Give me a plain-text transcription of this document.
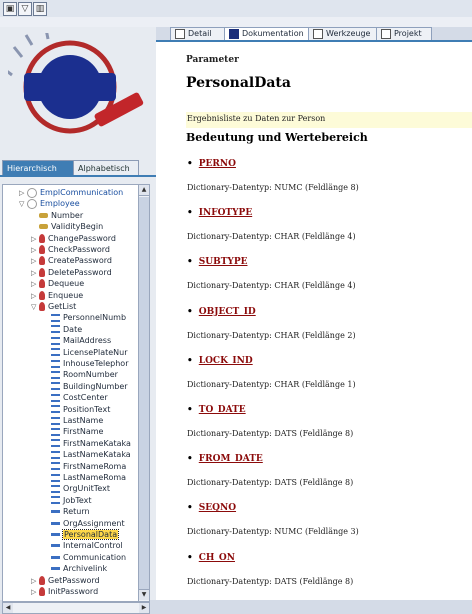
▣ ▽ ▥
Hierarchisch	Alphabetisch
▷ EmplCommunication
▽ Employee
Number
ValidityBegin
▷ ChangePassword
▷ CheckPassword
▷ CreatePassword
▷ DeletePassword
▷ Dequeue
▷ Enqueue
▽ GetList
PersonnelNumb
Date
MailAddress
LicensePlateNur
InhouseTelephor
RoomNumber
BuildingNumber
CostCenter
PositionText
LastName
FirstName
FirstNameKataka
LastNameKataka
FirstNameRoma
LastNameRoma
OrgUnitText
JobText
Return
OrgAssignment
PersonalData
InternalControl
Communication
Archivelink
▷ GetPassword
▷ InitPassword
▲
▼
◀	▶
Detail	Dokumentation	Werkzeuge	Projekt
Parameter
PersonalData
Ergebnisliste zu Daten zur Person
Bedeutung und Wertebereich
• PERNO
Dictionary-Datentyp: NUMC (Feldlänge 8)
• INFOTYPE
Dictionary-Datentyp: CHAR (Feldlänge 4)
• SUBTYPE
Dictionary-Datentyp: CHAR (Feldlänge 4)
• OBJECT_ID
Dictionary-Datentyp: CHAR (Feldlänge 2)
• LOCK_IND
Dictionary-Datentyp: CHAR (Feldlänge 1)
• TO_DATE
Dictionary-Datentyp: DATS (Feldlänge 8)
• FROM_DATE
Dictionary-Datentyp: DATS (Feldlänge 8)
• SEQNO
Dictionary-Datentyp: NUMC (Feldlänge 3)
• CH_ON
Dictionary-Datentyp: DATS (Feldlänge 8)
